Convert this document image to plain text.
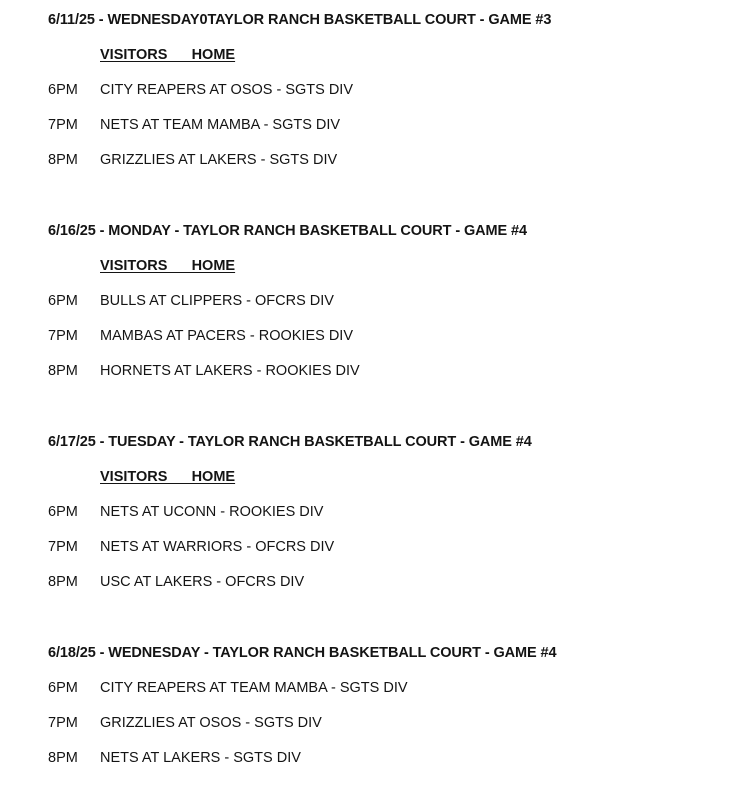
6/11/25 - WEDNESDAY0TAYLOR RANCH BASKETBALL COURT - GAME #3
VISITORS      HOME
6PM CITY REAPERS AT OSOS - SGTS DIV
7PM NETS AT TEAM MAMBA - SGTS DIV
8PM GRIZZLIES AT LAKERS - SGTS DIV
6/16/25 - MONDAY - TAYLOR RANCH BASKETBALL COURT - GAME #4
VISITORS      HOME
6PM BULLS AT CLIPPERS - OFCRS DIV
7PM MAMBAS AT PACERS - ROOKIES DIV
8PM HORNETS AT LAKERS - ROOKIES DIV
6/17/25 - TUESDAY - TAYLOR RANCH BASKETBALL COURT - GAME #4
VISITORS      HOME
6PM NETS AT UCONN - ROOKIES DIV
7PM NETS AT WARRIORS - OFCRS DIV
8PM USC AT LAKERS - OFCRS DIV
6/18/25 - WEDNESDAY - TAYLOR RANCH BASKETBALL COURT - GAME #4
6PM CITY REAPERS AT TEAM MAMBA - SGTS DIV
7PM GRIZZLIES AT OSOS - SGTS DIV
8PM NETS AT LAKERS - SGTS DIV
